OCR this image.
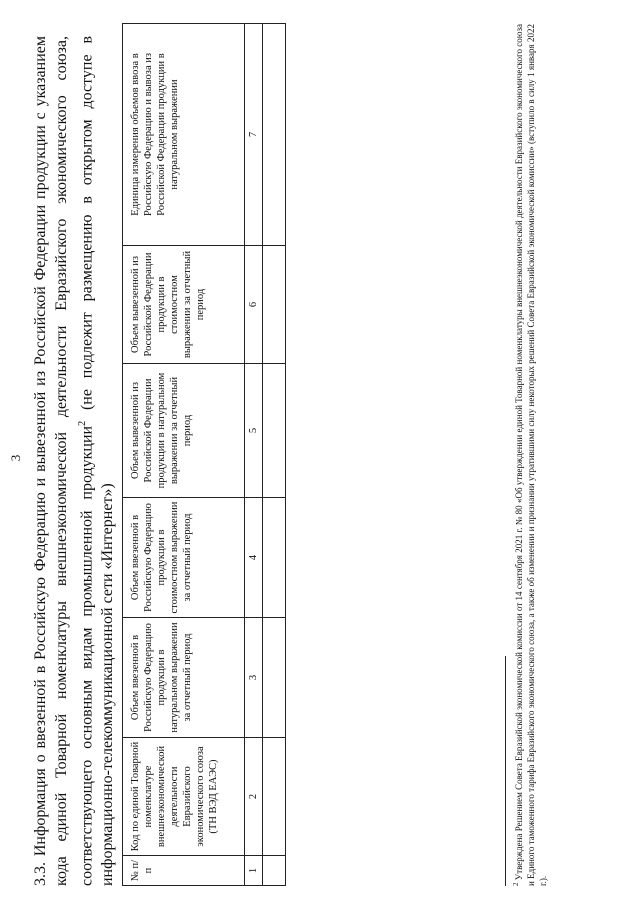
3 3.3. Информация о ввезенной в Российскую Федерацию и вывезенной из Российской Федерации продукции с указанием кода единой Товарной номенклатуры внешнеэкономической деятельности Евразийского экономического союза, соответствующего основным видам промышленной продукции$^2$ (не подлежит размещению в открытом доступе в информационно-телекоммуникационной сети «Интернет») № п/п	Код по единой Товарной номенклатуре внешнеэкономической деятельности Евразийского экономического союза (ТН ВЭД ЕАЭС)	Объем ввезенной в Российскую Федерацию продукции в натуральном выражении за отчетный период	Объем ввезенной в Российскую Федерацию продукции в стоимостном выражении за отчетный период	Объем вывезенной из Российской Федерации продукции в натуральном выражении за отчетный период	Объем вывезенной из Российской Федерации продукции в стоимостном выражении за отчетный период	Единица измерения объемов ввоза в Российскую Федерацию и вывоза из Российской Федерации продукции в натуральном выражении
1	2	3	4	5	6	7

$^2$ Утверждена Решением Совета Евразийской экономической комиссии от 14 сентября 2021 г. № 80 «Об утверждении единой Товарной номенклатуры внешнеэкономической деятельности Евразийского экономического союза и Единого таможенного тарифа Евразийского экономического союза, а также об изменении и признании утратившими силу некоторых решений Совета Евразийской экономической комиссии» (вступило в силу 1 января 2022 г.).
